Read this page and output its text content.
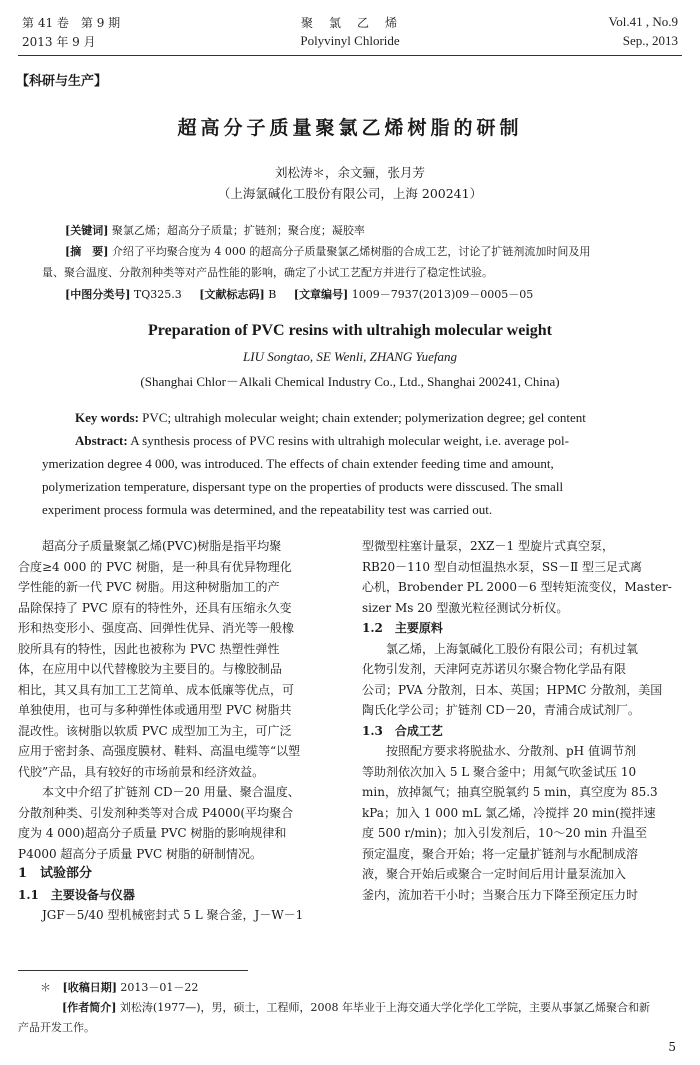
第 41 卷　第 9 期
2013 年 9 月
聚　氯　乙　烯
Polyvinyl Chloride
Vol.41 , No.9
Sep., 2013
【科研与生产】
超高分子质量聚氯乙烯树脂的研制
刘松涛＊，余文骊，张月芳
（上海氯碱化工股份有限公司，上海 200241）
[关键词] 聚氯乙烯；超高分子质量；扩链剂；聚合度；凝胶率
[摘　要] 介绍了平均聚合度为 4 000 的超高分子质量聚氯乙烯树脂的合成工艺，讨论了扩链剂流加时间及用
量、聚合温度、分散剂种类等对产品性能的影响，确定了小试工艺配方并进行了稳定性试验。
[中图分类号] TQ325.3 [文献标志码] B [文章编号] 1009－7937(2013)09－0005－05
Preparation of PVC resins with ultrahigh molecular weight
LIU Songtao, SE Wenli, ZHANG Yuefang
(Shanghai Chlor－Alkali Chemical Industry Co., Ltd., Shanghai 200241, China)
Key words: PVC; ultrahigh molecular weight; chain extender; polymerization degree; gel content
Abstract: A synthesis process of PVC resins with ultrahigh molecular weight, i.e. average pol-
ymerization degree 4 000, was introduced. The effects of chain extender feeding time and amount,
polymerization temperature, dispersant type on the properties of products were disscused. The small
experiment process formula was determined, and the repeatability test was carried out.

超高分子质量聚氯乙烯(PVC)树脂是指平均聚

合度≥4 000 的 PVC 树脂，是一种具有优异物理化

学性能的新一代 PVC 树脂。用这种树脂加工的产

品除保持了 PVC 原有的特性外，还具有压缩永久变

形和热变形小、强度高、回弹性优异、消光等一般橡

胶所具有的特性，因此也被称为 PVC 热塑性弹性

体，在应用中以代替橡胶为主要目的。与橡胶制品

相比，其又具有加工工艺简单、成本低廉等优点，可

单独使用，也可与多种弹性体或通用型 PVC 树脂共

混改性。该树脂以软质 PVC 成型加工为主，可广泛

应用于密封条、高强度膜材、鞋料、高温电缆等“以塑

代胶”产品，具有较好的市场前景和经济效益。

本文中介绍了扩链剂 CD－20 用量、聚合温度、

分散剂种类、引发剂种类等对合成 P4000(平均聚合

度为 4 000)超高分子质量 PVC 树脂的影响规律和

P4000 超高分子质量 PVC 树脂的研制情况。

1　试验部分

1.1　主要设备与仪器

JGF－5/40 型机械密封式 5 L 聚合釜，J－W－1

型微型柱塞计量泵，2XZ－1 型旋片式真空泵，

RB20－110 型自动恒温热水泵，SS－Ⅱ 型三足式离

心机，Brobender PL 2000－6 型转矩流变仪，Master-

sizer Ms 20 型激光粒径测试分析仪。

1.2　主要原料

氯乙烯，上海氯碱化工股份有限公司；有机过氧

化物引发剂，天津阿克苏诺贝尔聚合物化学品有限

公司；PVA 分散剂，日本、英国；HPMC 分散剂，美国

陶氏化学公司；扩链剂 CD－20，青浦合成试剂厂。

1.3　合成工艺

按照配方要求将脱盐水、分散剂、pH 值调节剂

等助剂依次加入 5 L 聚合釜中；用氮气吹釜试压 10

min，放掉氮气；抽真空脱氧约 5 min，真空度为 85.3

kPa；加入 1 000 mL 氯乙烯，冷搅拌 20 min(搅拌速

度 500 r/min)；加入引发剂后，10～20 min 升温至

预定温度，聚合开始；将一定量扩链剂与水配制成溶

液，聚合开始后或聚合一定时间后用计量泵流加入

釜内，流加若干小时；当聚合压力下降至预定压力时

＊ [收稿日期] 2013－01－22
[作者简介] 刘松涛(1977—)，男，硕士，工程师，2008 年毕业于上海交通大学化学化工学院，主要从事氯乙烯聚合和新
产品开发工作。
5
